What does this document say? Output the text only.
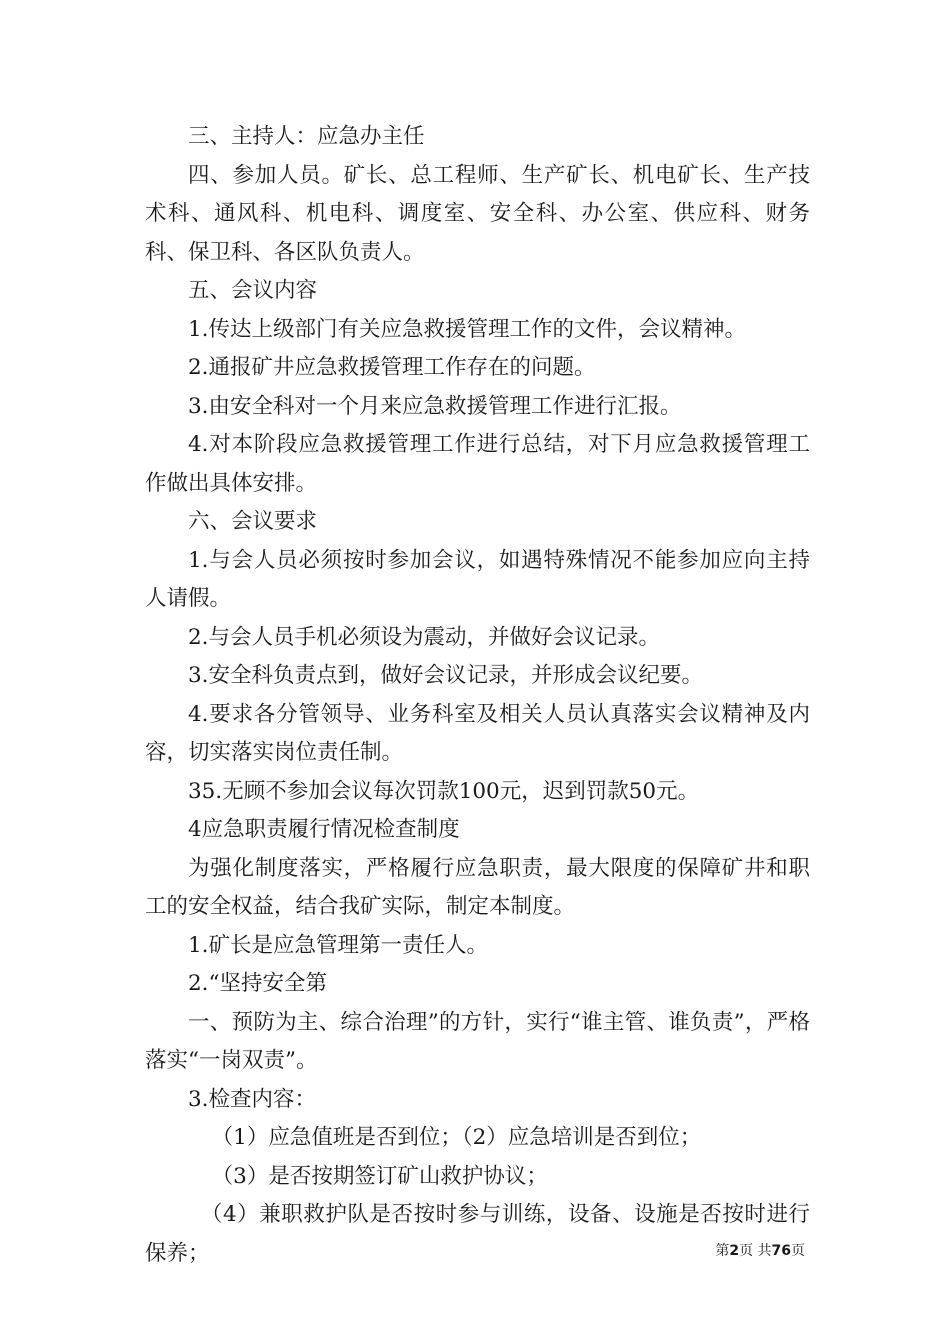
三、主持人：应急办主任

四、参加人员。矿长、总工程师、生产矿长、机电矿长、生产技术科、通风科、机电科、调度室、安全科、办公室、供应科、财务科、保卫科、各区队负责人。

五、会议内容

1.传达上级部门有关应急救援管理工作的文件，会议精神。

2.通报矿井应急救援管理工作存在的问题。

3.由安全科对一个月来应急救援管理工作进行汇报。

4.对本阶段应急救援管理工作进行总结，对下月应急救援管理工作做出具体安排。

六、会议要求

1.与会人员必须按时参加会议，如遇特殊情况不能参加应向主持人请假。

2.与会人员手机必须设为震动，并做好会议记录。

3.安全科负责点到，做好会议记录，并形成会议纪要。

4.要求各分管领导、业务科室及相关人员认真落实会议精神及内容，切实落实岗位责任制。

35.无顾不参加会议每次罚款100元，迟到罚款50元。

4应急职责履行情况检查制度

为强化制度落实，严格履行应急职责，最大限度的保障矿井和职工的安全权益，结合我矿实际，制定本制度。

1.矿长是应急管理第一责任人。

2.“坚持安全第

一、预防为主、综合治理”的方针，实行“谁主管、谁负责”，严格落实“一岗双责”。

3.检查内容：

（1）应急值班是否到位；（2）应急培训是否到位；

（3）是否按期签订矿山救护协议；

（4）兼职救护队是否按时参与训练，设备、设施是否按时进行保养；	第2页 共76页
